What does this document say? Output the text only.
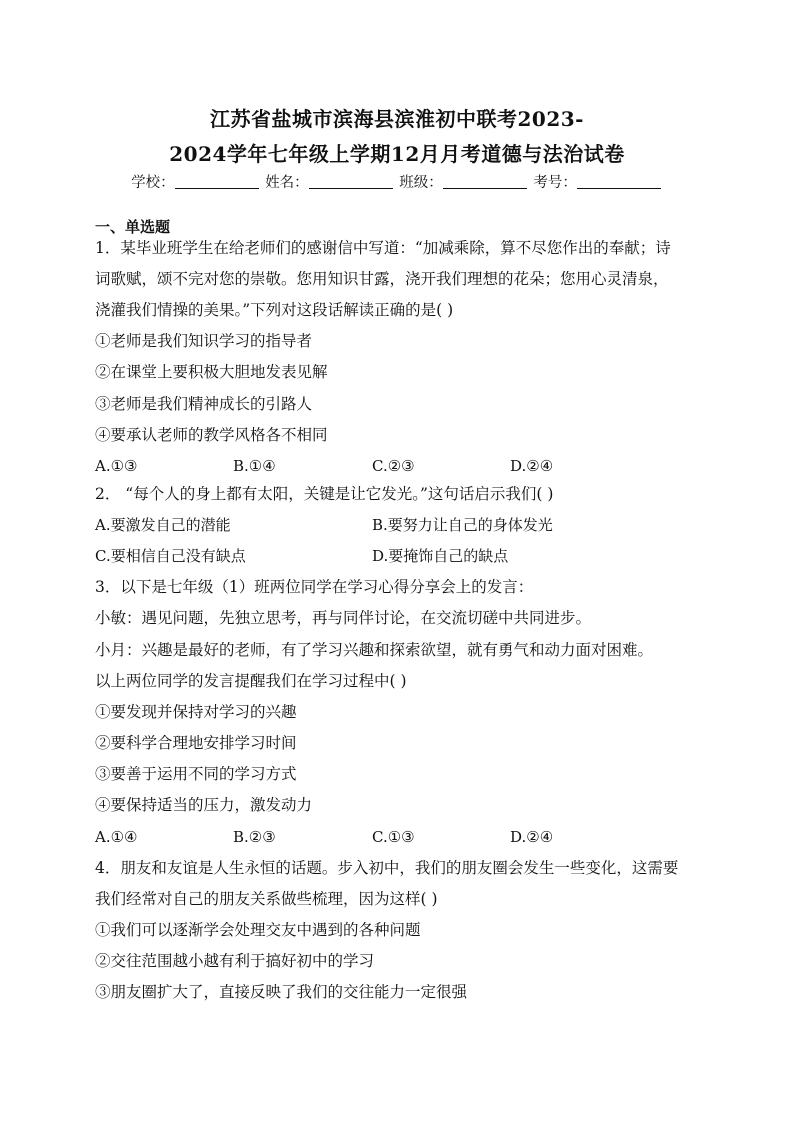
江苏省盐城市滨海县滨淮初中联考2023-
2024学年七年级上学期12月月考道德与法治试卷
学校：	姓名：	班级：	考号：
一、单选题
1．某毕业班学生在给老师们的感谢信中写道：“加减乘除，算不尽您作出的奉献；诗
词歌赋，颂不完对您的崇敬。您用知识甘露，浇开我们理想的花朵；您用心灵清泉，
浇灌我们情操的美果。”下列对这段话解读正确的是( )
①老师是我们知识学习的指导者
②在课堂上要积极大胆地发表见解
③老师是我们精神成长的引路人
④要承认老师的教学风格各不相同
A.①③	B.①④	C.②③	D.②④
2． “每个人的身上都有太阳，关键是让它发光。”这句话启示我们( )
A.要激发自己的潜能	B.要努力让自己的身体发光
C.要相信自己没有缺点	D.要掩饰自己的缺点
3．以下是七年级（1）班两位同学在学习心得分享会上的发言：
小敏：遇见问题，先独立思考，再与同伴讨论，在交流切磋中共同进步。
小月：兴趣是最好的老师，有了学习兴趣和探索欲望，就有勇气和动力面对困难。
以上两位同学的发言提醒我们在学习过程中( )
①要发现并保持对学习的兴趣
②要科学合理地安排学习时间
③要善于运用不同的学习方式
④要保持适当的压力，激发动力
A.①④	B.②③	C.①③	D.②④
4．朋友和友谊是人生永恒的话题。步入初中，我们的朋友圈会发生一些变化，这需要
我们经常对自己的朋友关系做些梳理，因为这样( )
①我们可以逐渐学会处理交友中遇到的各种问题
②交往范围越小越有利于搞好初中的学习
③朋友圈扩大了，直接反映了我们的交往能力一定很强
